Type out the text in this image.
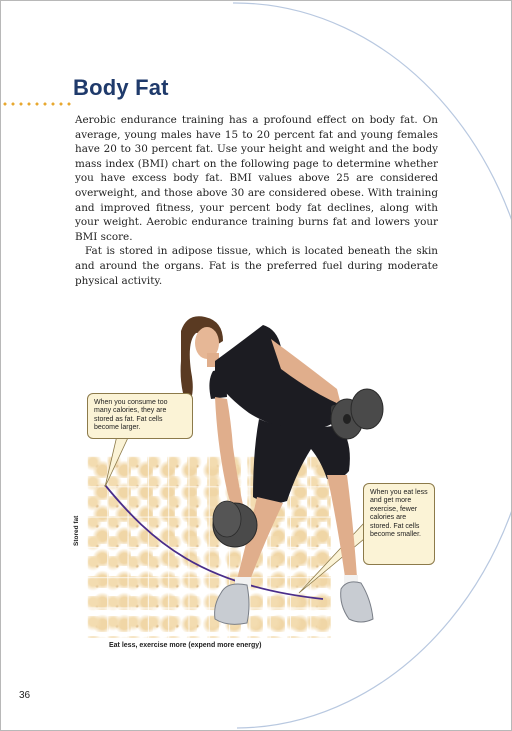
Body Fat

Aerobic endurance training has a profound effect on body fat. On average, young males have 15 to 20 percent fat and young females have 20 to 30 percent fat. Use your height and weight and the body mass index (BMI) chart on the following page to determine whether you have excess body fat. BMI values above 25 are considered overweight, and those above 30 are considered obese. With training and improved fitness, your percent body fat declines, along with your weight. Aerobic endurance training burns fat and lowers your BMI score.

Fat is stored in adipose tissue, which is located beneath the skin and around the organs. Fat is the preferred fuel during moderate physical activity.

When you consume too many calories, they are stored as fat. Fat cells become larger.
When you eat less and get more exercise, fewer calories are stored. Fat cells become smaller.
Stored fat
Eat less, exercise more (expend more energy)
36
